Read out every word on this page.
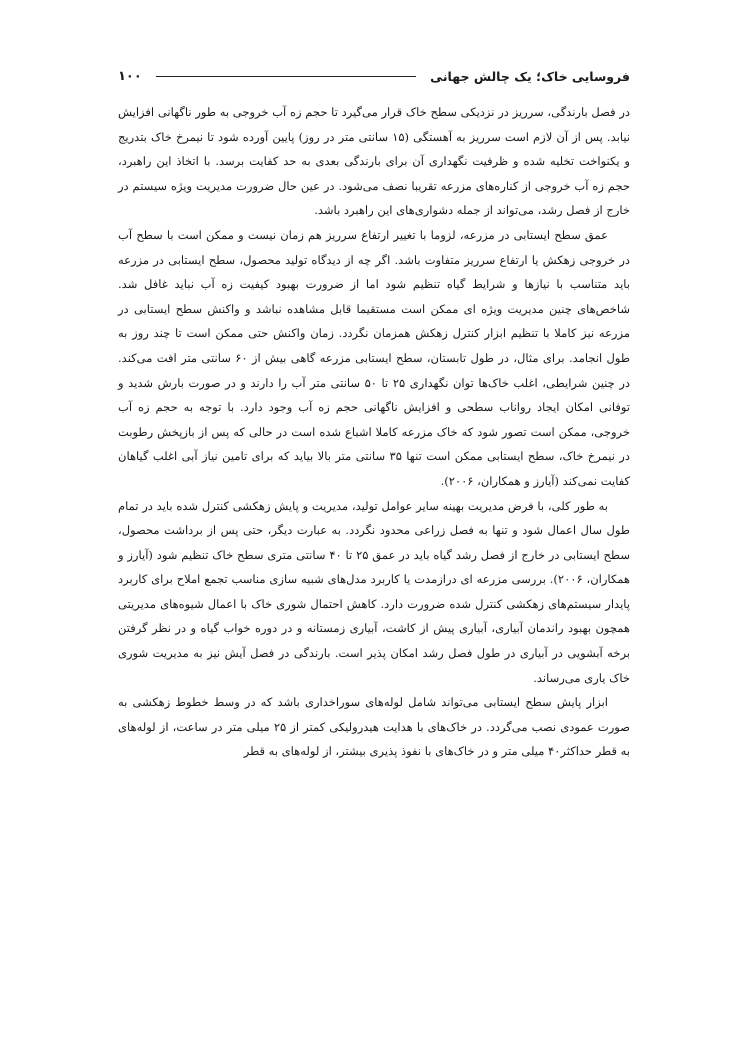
فروسایی خاک؛ یک چالش جهانی
۱۰۰

در فصل بارندگی، سرریز در نزدیکی سطح خاک قرار می‌گیرد تا حجم زه آب خروجی به طور ناگهانی افزایش نیابد. پس از آن لازم است سرریز به آهستگی (۱۵ سانتی متر در روز) پایین آورده شود تا نیمرخ خاک بتدریج و یکنواخت تخلیه شده و ظرفیت نگهداری آن برای بارندگی بعدی به حد کفایت برسد. با اتخاذ این راهبرد، حجم زه آب خروجی از کناره‌های مزرعه تقریبا نصف می‌شود. در عین حال ضرورت مدیریت ویژه سیستم در خارج از فصل رشد، می‌تواند از جمله دشواری‌های این راهبرد باشد.

عمق سطح ایستابی در مزرعه، لزوما با تغییر ارتفاع سرریز هم زمان نیست و ممکن است با سطح آب در خروجی زهکش یا ارتفاع سرریز متفاوت باشد. اگر چه از دیدگاه تولید محصول، سطح ایستابی در مزرعه باید متناسب با نیازها و شرایط گیاه تنظیم شود اما از ضرورت بهبود کیفیت زه آب نباید غافل شد. شاخص‌های چنین مدیریت ویژه ای ممکن است مستقیما قابل مشاهده نباشد و واکنش سطح ایستابی در مزرعه نیز کاملا با تنظیم ابزار کنترل زهکش همزمان نگردد. زمان واکنش حتی ممکن است تا چند روز به طول انجامد. برای مثال، در طول تابستان، سطح ایستابی مزرعه گاهی بیش از ۶۰ سانتی متر افت می‌کند. در چنین شرایطی، اغلب خاک‌ها توان نگهداری ۲۵ تا ۵۰ سانتی متر آب را دارند و در صورت بارش شدید و توفانی امکان ایجاد رواناب سطحی و افزایش ناگهانی حجم زه آب وجود دارد. با توجه به حجم زه آب خروجی، ممکن است تصور شود که خاک مزرعه کاملا اشباع شده است در حالی که پس از بازپخش رطوبت در نیمرخ خاک، سطح ایستابی ممکن است تنها ۳۵ سانتی متر بالا بیاید که برای تامین نیاز آبی اغلب گیاهان کفایت نمی‌کند (آیارز و همکاران، ۲۰۰۶).

به طور کلی، با فرض مدیریت بهینه سایر عوامل تولید، مدیریت و پایش زهکشی کنترل شده باید در تمام طول سال اعمال شود و تنها به فصل زراعی محدود نگردد. به عبارت دیگر، حتی پس از برداشت محصول، سطح ایستابی در خارج از فصل رشد گیاه باید در عمق ۲۵ تا ۴۰ سانتی متری سطح خاک تنظیم شود (آیارز و همکاران، ۲۰۰۶). بررسی مزرعه ای درازمدت یا کاربرد مدل‌های شبیه سازی مناسب تجمع املاح برای کاربرد پایدار سیستم‌های زهکشی کنترل شده ضرورت دارد. کاهش احتمال شوری خاک با اعمال شیوه‌های مدیریتی همچون بهبود راندمان آبیاری، آبیاری پیش از کاشت، آبیاری زمستانه و در دوره خواب گیاه و در نظر گرفتن برخه آبشویی در آبیاری در طول فصل رشد امکان پذیر است. بارندگی در فصل آیش نیز به مدیریت شوری خاک یاری می‌رساند.

ابزار پایش سطح ایستابی می‌تواند شامل لوله‌های سوراخداری باشد که در وسط خطوط زهکشی به صورت عمودی نصب می‌گردد. در خاک‌های با هدایت هیدرولیکی کمتر از ۲۵ میلی متر در ساعت، از لوله‌های به قطر حداکثر۴۰ میلی متر و در خاک‌های با نفوذ پذیری بیشتر، از لوله‌های به قطر
